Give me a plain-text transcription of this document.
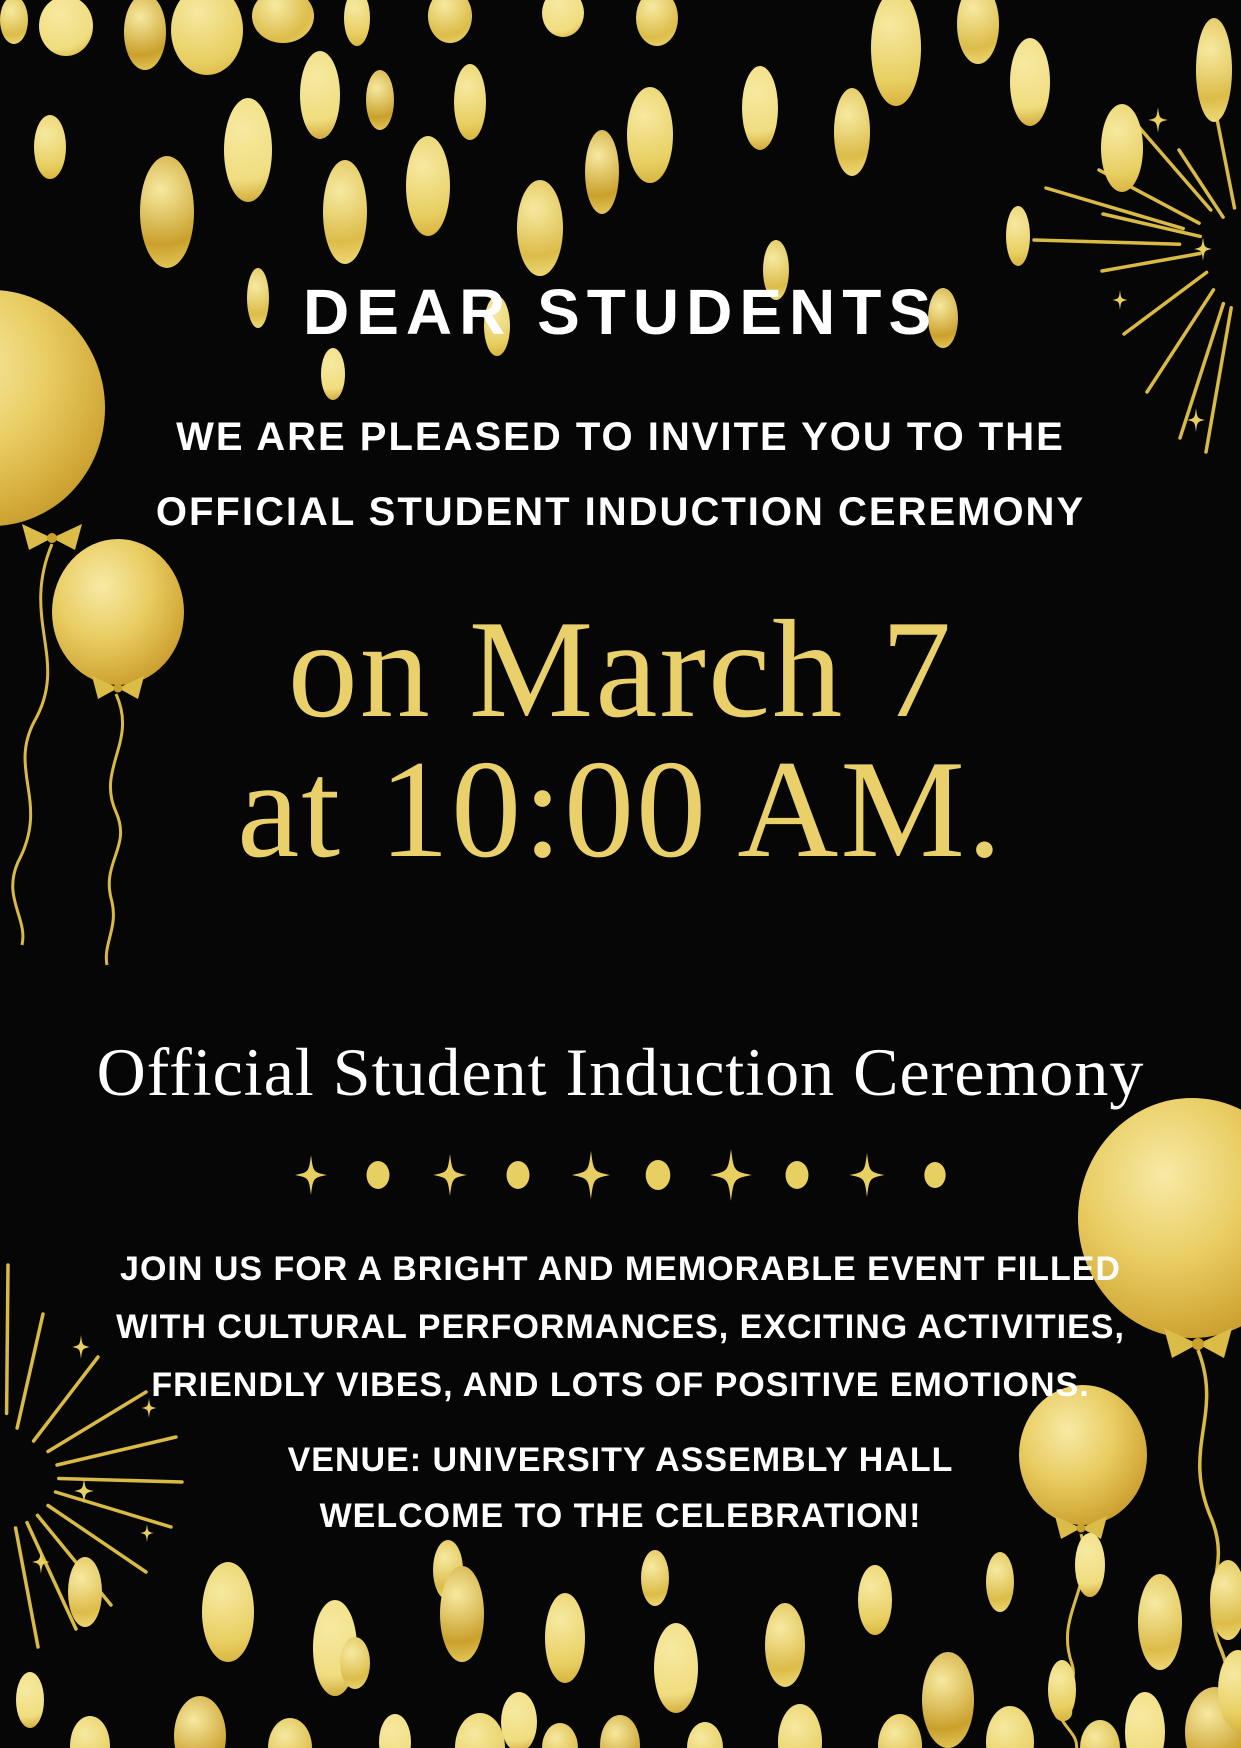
DEAR STUDENTS
WE ARE PLEASED TO INVITE YOU TO THE
OFFICIAL STUDENT INDUCTION CEREMONY
on March 7
at 10:00 AM.
Official Student Induction Ceremony
JOIN US FOR A BRIGHT AND MEMORABLE EVENT FILLED
WITH CULTURAL PERFORMANCES, EXCITING ACTIVITIES,
FRIENDLY VIBES, AND LOTS OF POSITIVE EMOTIONS.
VENUE: UNIVERSITY ASSEMBLY HALL
WELCOME TO THE CELEBRATION!
